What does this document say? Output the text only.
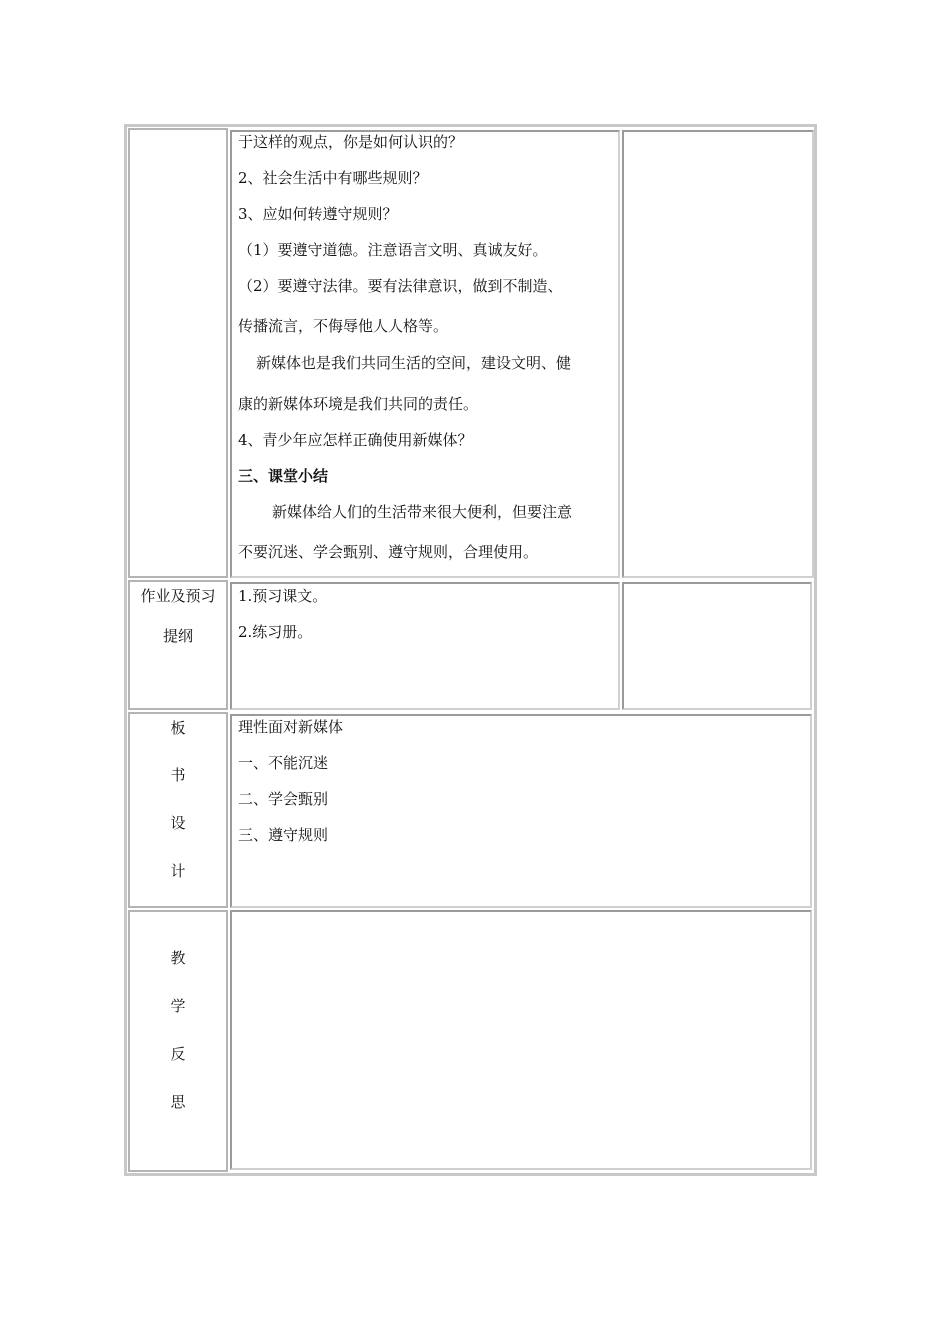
于这样的观点，你是如何认识的？
2、社会生活中有哪些规则？
3、应如何转遵守规则？
（1）要遵守道德。注意语言文明、真诚友好。
（2）要遵守法律。要有法律意识，做到不制造、
传播流言，不侮辱他人人格等。
新媒体也是我们共同生活的空间，建设文明、健
康的新媒体环境是我们共同的责任。
4、青少年应怎样正确使用新媒体？
三、课堂小结
新媒体给人们的生活带来很大便利，但要注意
不要沉迷、学会甄别、遵守规则，合理使用。
作业及预习
提纲
1.预习课文。
2.练习册。
板
书
设
计
理性面对新媒体
一、不能沉迷
二、学会甄别
三、遵守规则
教
学
反
思
